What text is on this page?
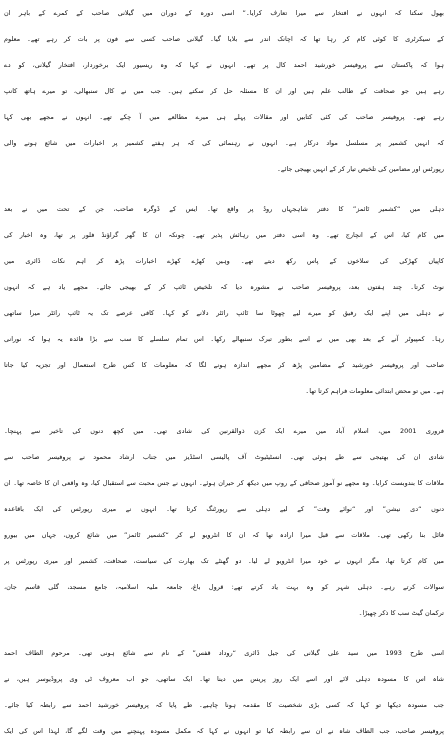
بھول سکتا کہ انہوں نے افتخار سے میرا تعارف کرایا۔” اسی دورہ کے دوران میں گیلانی صاحب کے کمرے کے باہر ان
کے سیکرٹری کا کوئی کام کر رہا تھا کہ اچانک اندر سے بلایا گیا۔ گیلانی صاحب کسی سے فون پر بات کر رہے تھے۔ معلوم
ہوا کہ پاکستان سے پروفیسر خورشید احمد کال پر تھے۔ انہوں نے کہا کہ وہ ریسیور ایک برخوردار، افتخار گیلانی، کو دے
رہے ہیں جو صحافت کے طالب علم ہیں اور ان کا مسئلہ حل کر سکتے ہیں۔ جب میں نے کال سنبھالی، تو میرے ہاتھ کانپ
رہے تھے۔ پروفیسر صاحب کی کئی کتابیں اور مقالات پہلے ہی میرے مطالعے میں آ چکے تھے۔ انہوں نے مجھے بھی کہا
کہ انہیں کشمیر پر مسلسل مواد درکار ہے۔ انہوں نے رہنمائی کی کہ ہر ہفتے کشمیر پر اخبارات میں شائع ہونے والی
رپورٹس اور مضامین کی تلخیص تیار کر کے انہیں بھیجی جائے۔
دہلی میں “کشمیر ٹائمز” کا دفتر شاہجہاں روڈ پر واقع تھا۔ ایس کے ڈوگرہ صاحب، جن کے تحت میں نے بعد
میں کام کیا، اس کے انچارج تھے۔ وہ اسی دفتر میں رہائش پذیر تھے۔ چونکہ ان کا گھر گراؤنڈ فلور پر تھا، وہ اخبار کی
کاپیاں کھڑکی کی سلاخوں کے پاس رکھ دیتے تھے۔ وہیں کھڑے کھڑے اخبارات پڑھ کر اہم نکات ڈائری میں
نوٹ کرتا۔ چند ہفتوں بعد، پروفیسر صاحب نے مشورہ دیا کہ تلخیص ٹائپ کر کے بھیجی جائے۔ مجھے یاد ہے کہ انہوں
نے دہلی میں اپنے ایک رفیق کو میرے لیے چھوٹا سا ٹائپ رائٹر دلانے کو کہا۔ کافی عرصے تک یہ ٹائپ رائٹر میرا ساتھی
رہا۔ کمپیوٹر آنے کے بعد بھی میں نے اسے بطور تبرک سنبھالے رکھا۔ اس تمام سلسلے کا سب سے بڑا فائدہ یہ ہوا کہ نورانی
صاحب اور پروفیسر خورشید کے مضامین پڑھ کر مجھے اندازہ ہونے لگا کہ معلومات کا کس طرح استعمال اور تجزیہ کیا جاتا
ہے۔ میں تو محض ابتدائی معلومات فراہم کرتا تھا۔
فروری 2001 میں، اسلام آباد میں میرے ایک کزن ذوالقرنین کی شادی تھی۔ میں کچھ دنوں کی تاخیر سے پہنچا۔
شادی ان کی بھتیجی سے طے ہوئی تھی۔ انسٹیٹیوٹ آف پالیسی اسٹڈیز میں جناب ارشاد محمود نے پروفیسر صاحب سے
ملاقات کا بندوبست کرایا۔ وہ مجھے نو آموز صحافی کے روپ میں دیکھ کر حیران ہوئے۔ انہوں نے جس محبت سے استقبال کیا، وہ واقعی ان کا خاصہ تھا۔ ان
دنوں “دی نیشن” اور “نوائے وقت” کے لیے دہلی سے رپورٹنگ کرتا تھا۔ انہوں نے میری رپورٹس کی ایک باقاعدہ
فائل بنا رکھی تھی۔ ملاقات سے قبل میرا ارادہ تھا کہ ان کا انٹرویو لے کر “کشمیر ٹائمز” میں شائع کروں، جہاں میں بیورو
میں کام کرتا تھا، مگر انہوں نے خود میرا انٹرویو لے لیا۔ دو گھنٹے تک بھارت کی سیاست، صحافت، کشمیر اور میری رپورٹس پر
سوالات کرتے رہے۔ دہلی شہر کو وہ بہت یاد کرتے تھے: قرول باغ، جامعہ ملیہ اسلامیہ، جامع مسجد، گلی قاسم جان،
ترکمان گیٹ سب کا ذکر چھیڑا۔
اسی طرح 1993 میں سید علی گیلانی کی جیل ڈائری “روداد قفس” کے نام سے شائع ہونی تھی۔ مرحوم الطاف احمد
شاہ اس کا مسودہ دہلی لائے اور اسے ایک روز پریس میں دینا تھا۔ ایک ساتھی، جو اب معروف ٹی وی پروڈیوسر ہیں، نے
جب مسودہ دیکھا تو کہا کہ کسی بڑی شخصیت کا مقدمہ ہونا چاہیے۔ طے پایا کہ پروفیسر خورشید احمد سے رابطہ کیا جائے۔
پروفیسر صاحب، جب الطاف شاہ نے ان سے رابطہ کیا تو انہوں نے کہا کہ مکمل مسودہ پہنچنے میں وقت لگے گا، لہذا اس کی ایک
